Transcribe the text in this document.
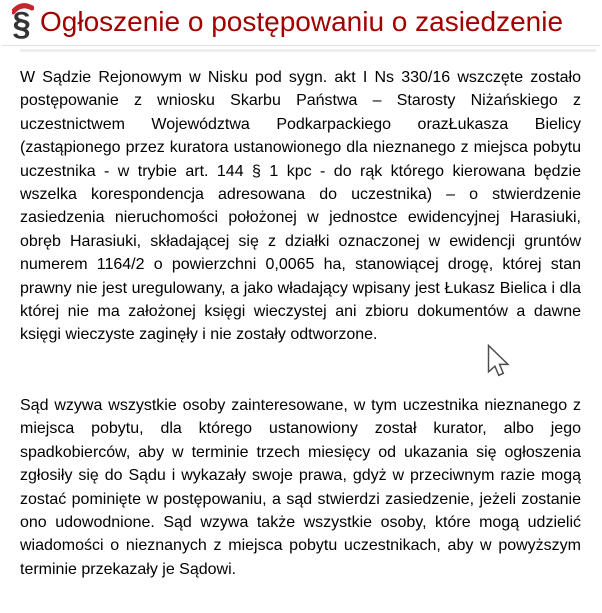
§ Ogłoszenie o postępowaniu o zasiedzenie

W Sądzie Rejonowym w Nisku pod sygn. akt I Ns 330/16 wszczęte zostało postępowanie z wniosku Skarbu Państwa – Starosty Niżańskiego z uczestnictwem Województwa Podkarpackiego orazŁukasza Bielicy (zastąpionego przez kuratora ustanowionego dla nieznanego z miejsca pobytu uczestnika - w trybie art. 144 § 1 kpc - do rąk którego kierowana będzie wszelka korespondencja adresowana do uczestnika) – o stwierdzenie zasiedzenia nieruchomości położonej w jednostce ewidencyjnej Harasiuki, obręb Harasiuki, składającej się z działki oznaczonej w ewidencji gruntów numerem 1164/2 o powierzchni 0,0065 ha, stanowiącej drogę, której stan prawny nie jest uregulowany, a jako władający wpisany jest Łukasz Bielica i dla której nie ma założonej księgi wieczystej ani zbioru dokumentów a dawne księgi wieczyste zaginęły i nie zostały odtworzone.

Sąd wzywa wszystkie osoby zainteresowane, w tym uczestnika nieznanego z miejsca pobytu, dla którego ustanowiony został kurator, albo jego spadkobierców, aby w terminie trzech miesięcy od ukazania się ogłoszenia zgłosiły się do Sądu i wykazały swoje prawa, gdyż w przeciwnym razie mogą zostać pominięte w postępowaniu, a sąd stwierdzi zasiedzenie, jeżeli zostanie ono udowodnione. Sąd wzywa także wszystkie osoby, które mogą udzielić wiadomości o nieznanych z miejsca pobytu uczestnikach, aby w powyższym terminie przekazały je Sądowi.
